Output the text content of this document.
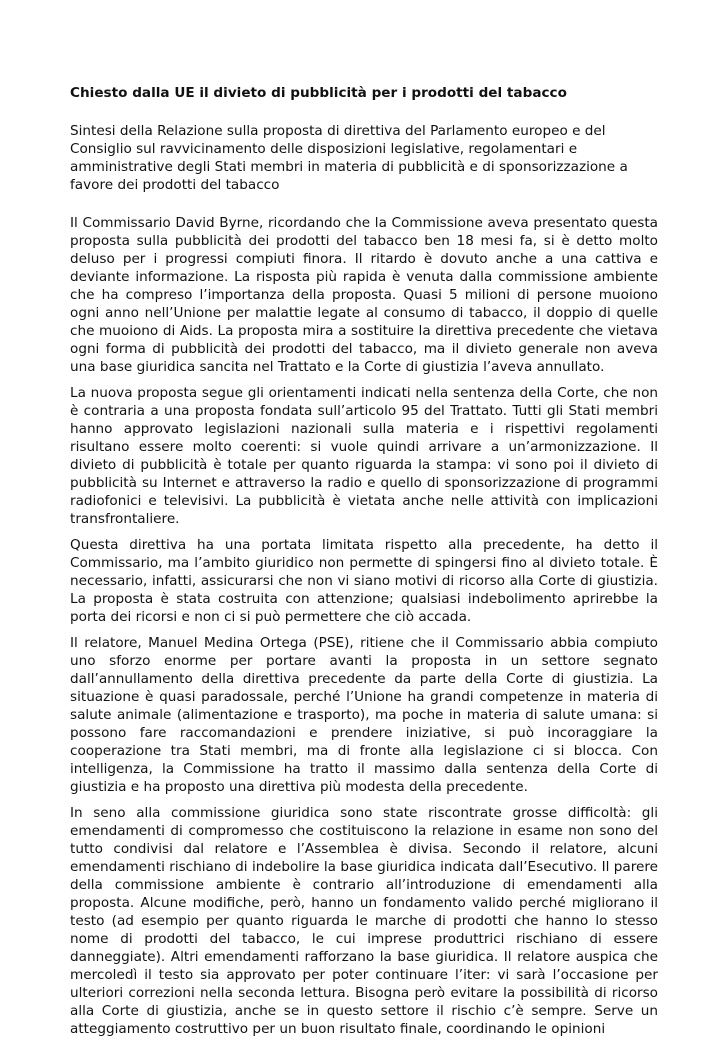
Chiesto dalla UE il divieto di pubblicità per i prodotti del tabacco
Sintesi della Relazione sulla proposta di direttiva del Parlamento europeo e del Consiglio sul ravvicinamento delle disposizioni legislative, regolamentari e amministrative degli Stati membri in materia di pubblicità e di sponsorizzazione a favore dei prodotti del tabacco

Il Commissario David Byrne, ricordando che la Commissione aveva presentato questa proposta sulla pubblicità dei prodotti del tabacco ben 18 mesi fa, si è detto molto deluso per i progressi compiuti finora. Il ritardo è dovuto anche a una cattiva e deviante informazione. La risposta più rapida è venuta dalla commissione ambiente che ha compreso l’importanza della proposta. Quasi 5 milioni di persone muoiono ogni anno nell’Unione per malattie legate al consumo di tabacco, il doppio di quelle che muoiono di Aids. La proposta mira a sostituire la direttiva precedente che vietava ogni forma di pubblicità dei prodotti del tabacco, ma il divieto generale non aveva una base giuridica sancita nel Trattato e la Corte di giustizia l’aveva annullato.

La nuova proposta segue gli orientamenti indicati nella sentenza della Corte, che non è contraria a una proposta fondata sull’articolo 95 del Trattato. Tutti gli Stati membri hanno approvato legislazioni nazionali sulla materia e i rispettivi regolamenti risultano essere molto coerenti: si vuole quindi arrivare a un’armonizzazione. Il divieto di pubblicità è totale per quanto riguarda la stampa: vi sono poi il divieto di pubblicità su Internet e attraverso la radio e quello di sponsorizzazione di programmi radiofonici e televisivi. La pubblicità è vietata anche nelle attività con implicazioni transfrontaliere.

Questa direttiva ha una portata limitata rispetto alla precedente, ha detto il Commissario, ma l’ambito giuridico non permette di spingersi fino al divieto totale. È necessario, infatti, assicurarsi che non vi siano motivi di ricorso alla Corte di giustizia. La proposta è stata costruita con attenzione; qualsiasi indebolimento aprirebbe la porta dei ricorsi e non ci si può permettere che ciò accada.

Il relatore, Manuel Medina Ortega (PSE), ritiene che il Commissario abbia compiuto uno sforzo enorme per portare avanti la proposta in un settore segnato dall’annullamento della direttiva precedente da parte della Corte di giustizia. La situazione è quasi paradossale, perché l’Unione ha grandi competenze in materia di salute animale (alimentazione e trasporto), ma poche in materia di salute umana: si possono fare raccomandazioni e prendere iniziative, si può incoraggiare la cooperazione tra Stati membri, ma di fronte alla legislazione ci si blocca. Con intelligenza, la Commissione ha tratto il massimo dalla sentenza della Corte di giustizia e ha proposto una direttiva più modesta della precedente.

In seno alla commissione giuridica sono state riscontrate grosse difficoltà: gli emendamenti di compromesso che costituiscono la relazione in esame non sono del tutto condivisi dal relatore e l’Assemblea è divisa. Secondo il relatore, alcuni emendamenti rischiano di indebolire la base giuridica indicata dall’Esecutivo. Il parere della commissione ambiente è contrario all’introduzione di emendamenti alla proposta. Alcune modifiche, però, hanno un fondamento valido perché migliorano il testo (ad esempio per quanto riguarda le marche di prodotti che hanno lo stesso nome di prodotti del tabacco, le cui imprese produttrici rischiano di essere danneggiate). Altri emendamenti rafforzano la base giuridica. Il relatore auspica che mercoledì il testo sia approvato per poter continuare l’iter: vi sarà l’occasione per ulteriori correzioni nella seconda lettura. Bisogna però evitare la possibilità di ricorso alla Corte di giustizia, anche se in questo settore il rischio c’è sempre. Serve un atteggiamento costruttivo per un buon risultato finale, coordinando le opinioni
